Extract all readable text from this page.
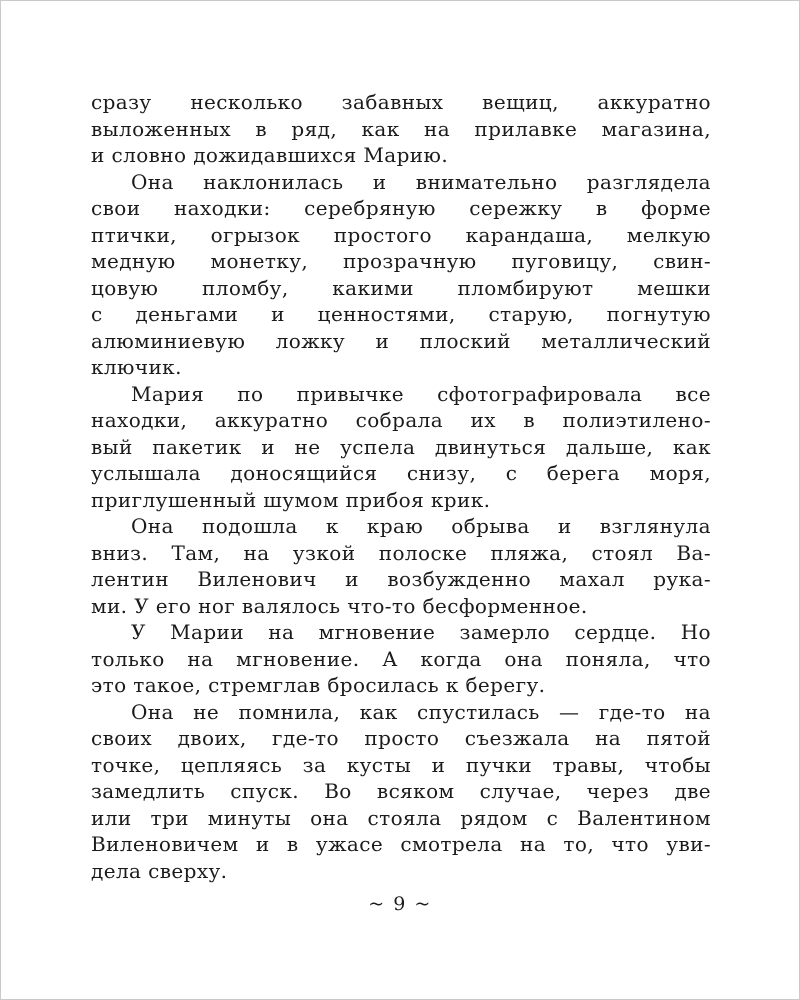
сразу несколько забавных вещиц, аккуратно
выложенных в ряд, как на прилавке магазина,
и словно дожидавшихся Марию.
Она наклонилась и внимательно разглядела
свои находки: серебряную сережку в форме
птички, огрызок простого карандаша, мелкую
медную монетку, прозрачную пуговицу, свин-
цовую пломбу, какими пломбируют мешки
с деньгами и ценностями, старую, погнутую
алюминиевую ложку и плоский металлический
ключик.
Мария по привычке сфотографировала все
находки, аккуратно собрала их в полиэтилено-
вый пакетик и не успела двинуться дальше, как
услышала доносящийся снизу, с берега моря,
приглушенный шумом прибоя крик.
Она подошла к краю обрыва и взглянула
вниз. Там, на узкой полоске пляжа, стоял Ва-
лентин Виленович и возбужденно махал рука-
ми. У его ног валялось что-то бесформенное.
У Марии на мгновение замерло сердце. Но
только на мгновение. А когда она поняла, что
это такое, стремглав бросилась к берегу.
Она не помнила, как спустилась — где-то на
своих двоих, где-то просто съезжала на пятой
точке, цепляясь за кусты и пучки травы, чтобы
замедлить спуск. Во всяком случае, через две
или три минуты она стояла рядом с Валентином
Виленовичем и в ужасе смотрела на то, что уви-
дела сверху.
~ 9 ~
